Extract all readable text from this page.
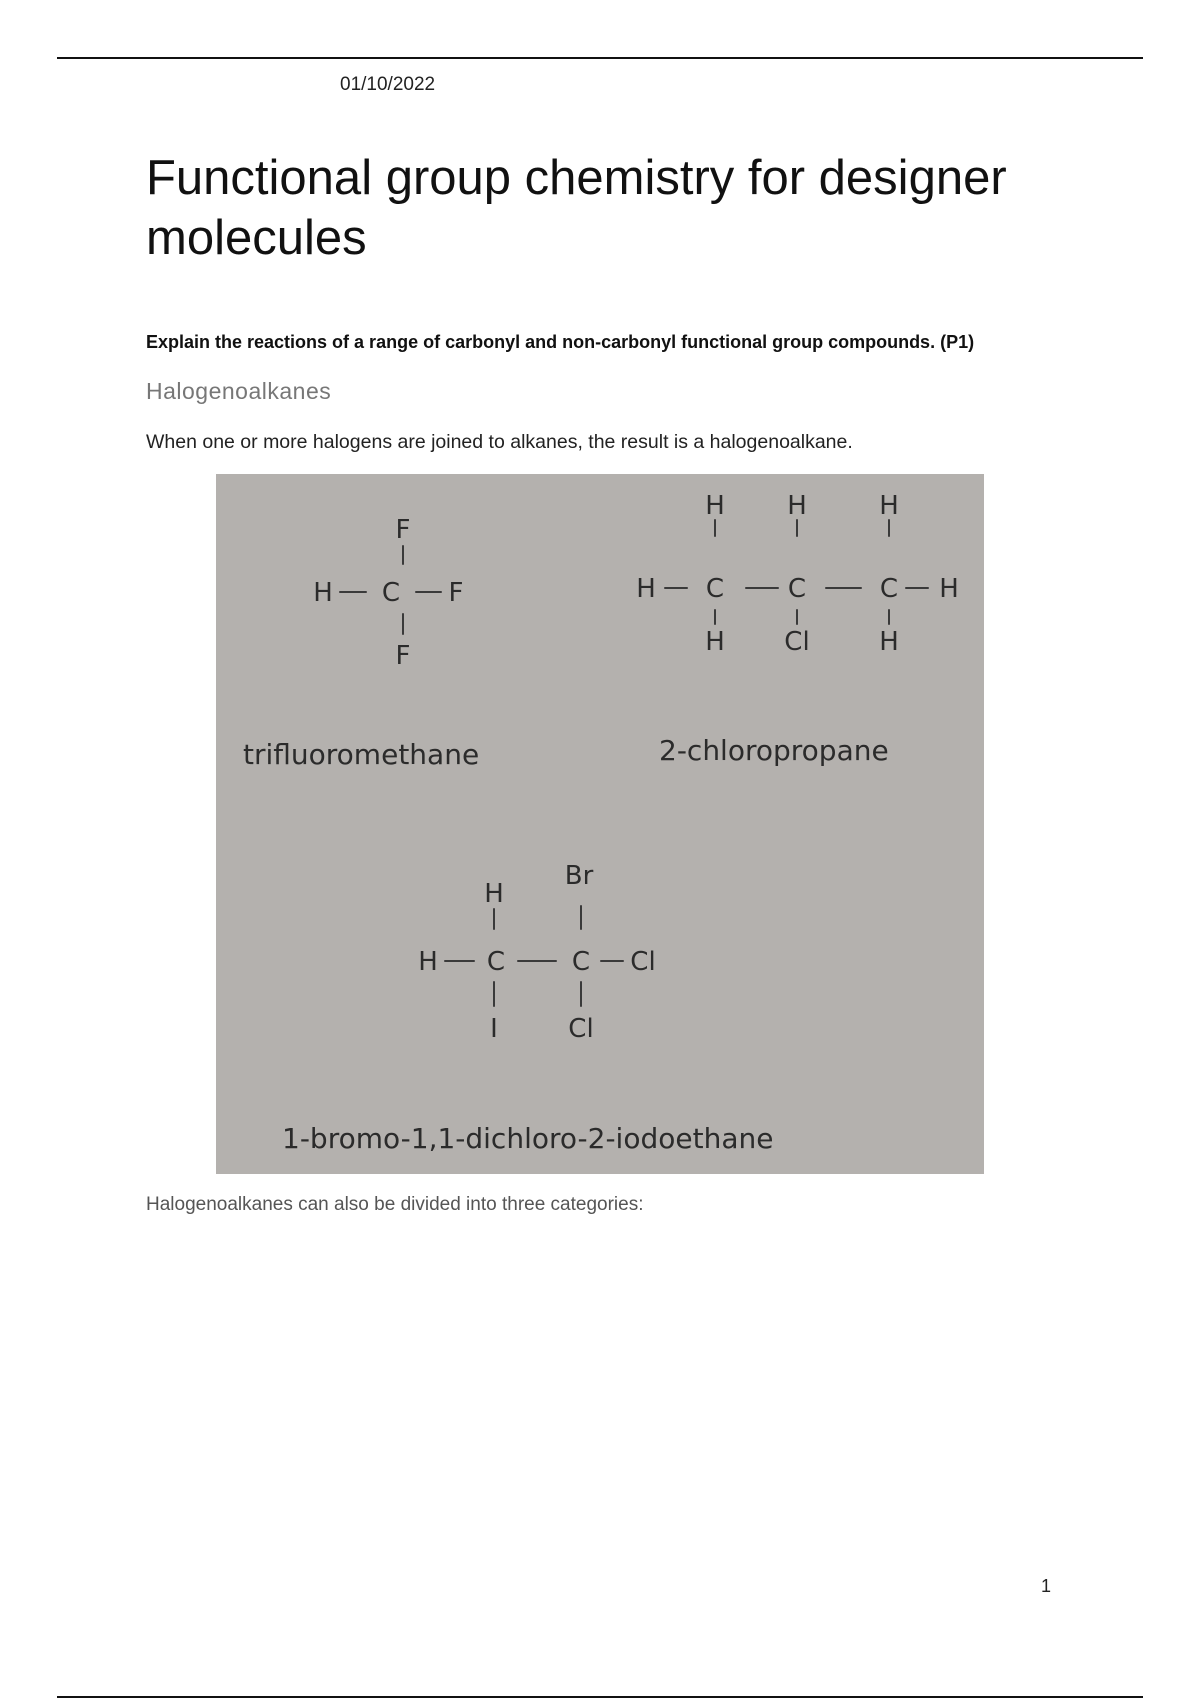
01/10/2022
Functional group chemistry for designer molecules
Explain the reactions of a range of carbonyl and non-carbonyl functional group compounds. (P1)
Halogenoalkanes
When one or more halogens are joined to alkanes, the result is a halogenoalkane.
F
H C F
F
H H	H
H C C	C H
H Cl	H
H
Br
H C	C Cl
I	Cl
trifluoromethane	2-chloropropane
1-bromo-1,1-dichloro-2-iodoethane
Halogenoalkanes can also be divided into three categories:
1
